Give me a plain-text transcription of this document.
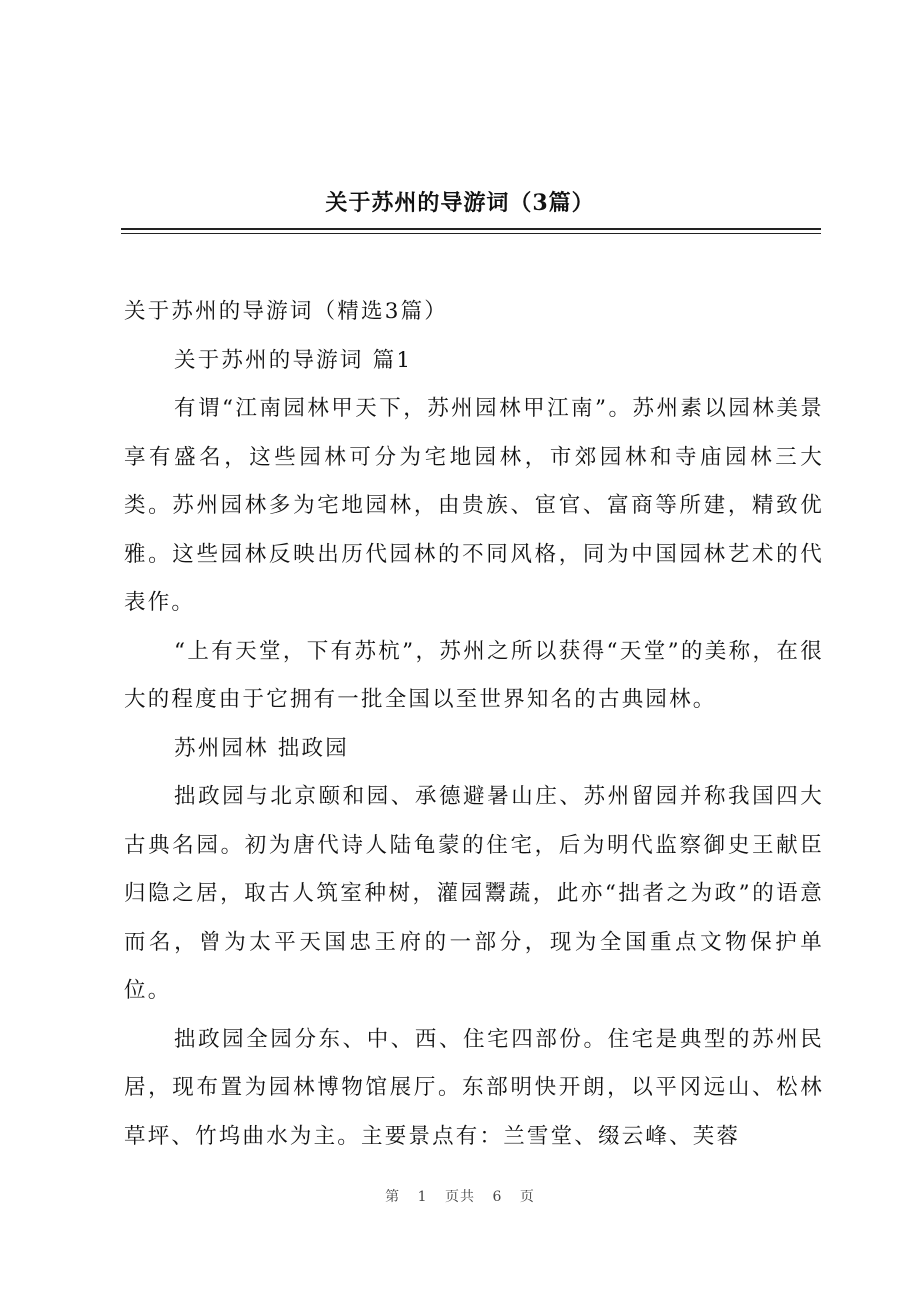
关于苏州的导游词（3篇）

关于苏州的导游词（精选3篇）

关于苏州的导游词 篇1

有谓“江南园林甲天下，苏州园林甲江南”。苏州素以园林美景享有盛名，这些园林可分为宅地园林，市郊园林和寺庙园林三大类。苏州园林多为宅地园林，由贵族、宦官、富商等所建，精致优雅。这些园林反映出历代园林的不同风格，同为中国园林艺术的代表作。

“上有天堂，下有苏杭”，苏州之所以获得“天堂”的美称，在很大的程度由于它拥有一批全国以至世界知名的古典园林。

苏州园林 拙政园

拙政园与北京颐和园、承德避暑山庄、苏州留园并称我国四大古典名园。初为唐代诗人陆龟蒙的住宅，后为明代监察御史王献臣归隐之居，取古人筑室种树，灌园鬻蔬，此亦“拙者之为政”的语意而名，曾为太平天国忠王府的一部分，现为全国重点文物保护单位。

拙政园全园分东、中、西、住宅四部份。住宅是典型的苏州民居，现布置为园林博物馆展厅。东部明快开朗，以平冈远山、松林草坪、竹坞曲水为主。主要景点有：兰雪堂、缀云峰、芙蓉

第 1 页共 6 页
